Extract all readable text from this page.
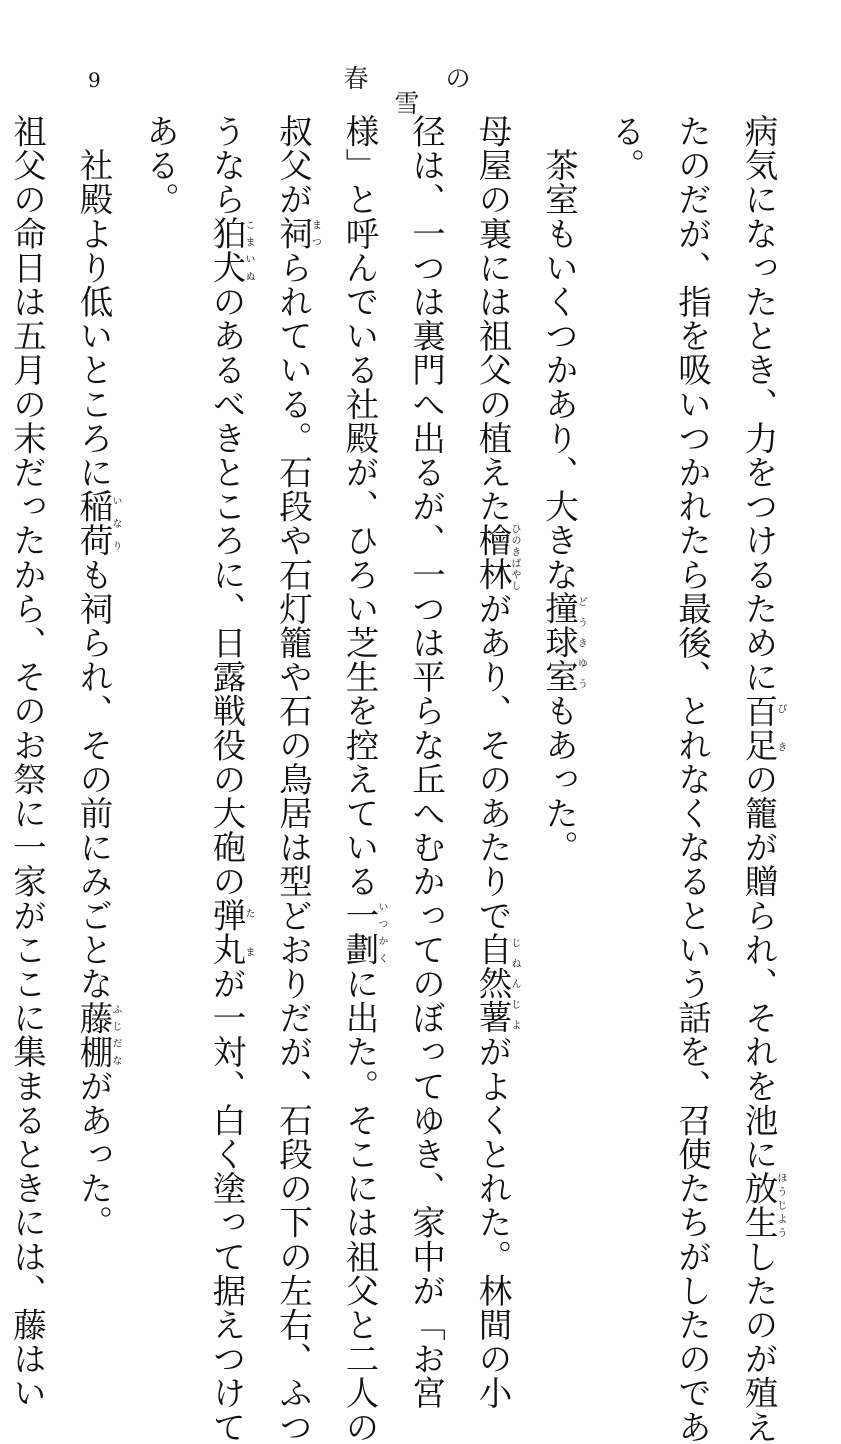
9	春　の　雪
病気になったとき、力をつけるために百足ぴきの籠が贈られ、それを池に放生ほうじようしたのが殖え
たのだが、指を吸いつかれたら最後、とれなくなるという話を、召使たちがしたのであ
る。
　茶室もいくつかあり、大きな撞球室どうきゆうもあった。
母屋の裏には祖父の植えた檜林ひのきばやしがあり、そのあたりで自然薯じねんじよがよくとれた。林間の小
径は、一つは裏門へ出るが、一つは平らな丘へむかってのぼってゆき、家中が「お宮
様」と呼んでいる社殿が、ひろい芝生を控えている一劃いつかくに出た。そこには祖父と二人の
叔父が祠まつられている。石段や石灯籠や石の鳥居は型どおりだが、石段の下の左右、ふつ
うなら狛犬こまいぬのあるべきところに、日露戦役の大砲の弾丸たまが一対、白く塗って据えつけて
ある。
　社殿より低いところに稲荷いなりも祠られ、その前にみごとな藤棚ふじだながあった。
祖父の命日は五月の末だったから、そのお祭に一家がここに集まるときには、藤はい
